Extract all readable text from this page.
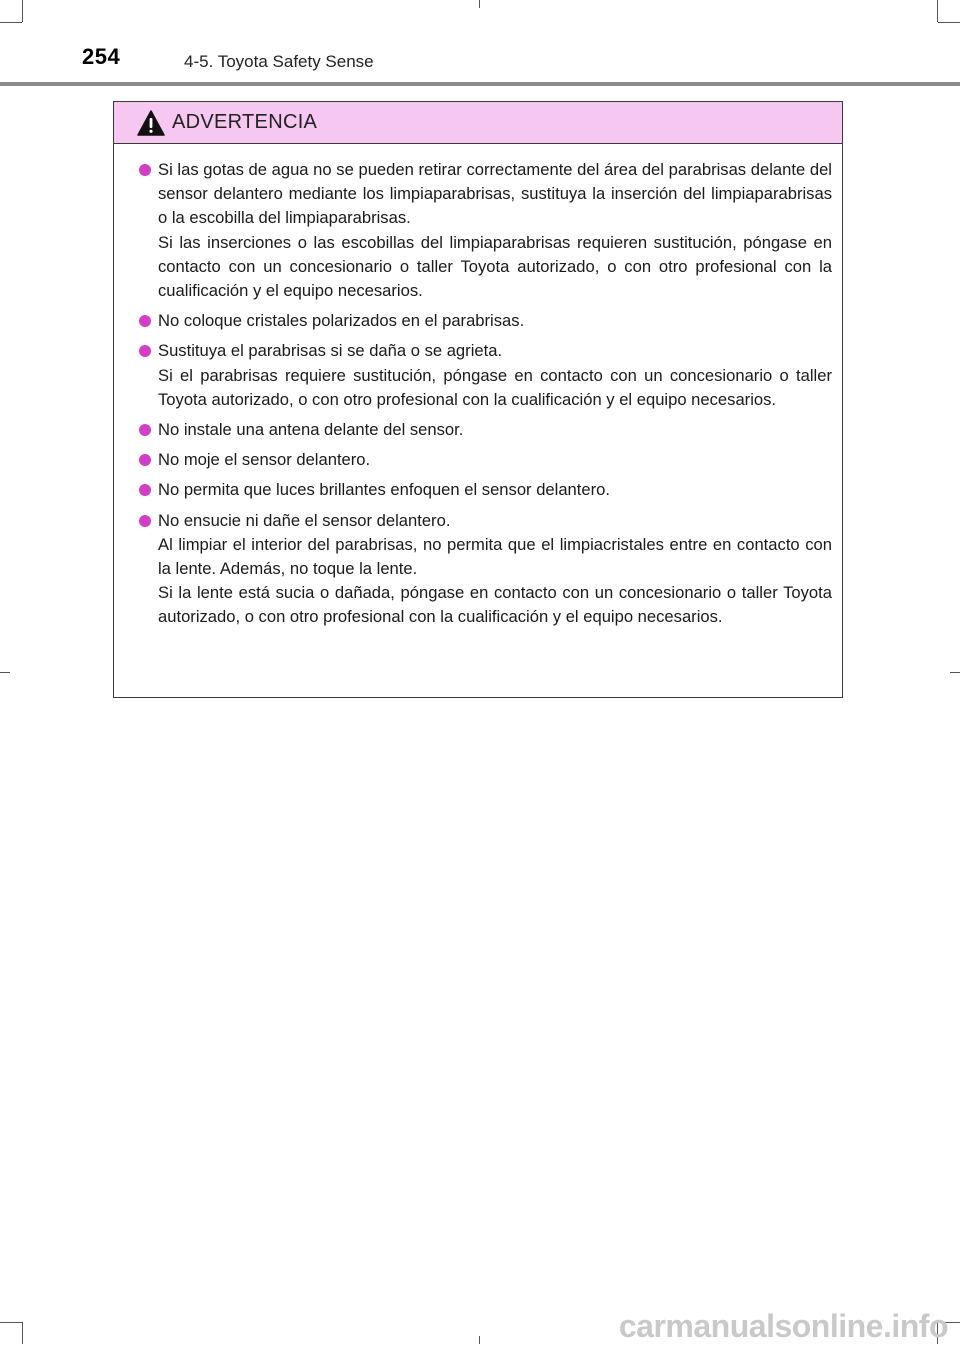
254	4-5. Toyota Safety Sense
ADVERTENCIA

Si las gotas de agua no se pueden retirar correctamente del área del parabrisas delante del sensor delantero mediante los limpiaparabrisas, sustituya la inserción del limpiaparabrisas o la escobilla del limpiaparabrisas.

Si las inserciones o las escobillas del limpiaparabrisas requieren sustitución, póngase en contacto con un concesionario o taller Toyota autorizado, o con otro profesional con la cualificación y el equipo necesarios.

No coloque cristales polarizados en el parabrisas.

Sustituya el parabrisas si se daña o se agrieta.

Si el parabrisas requiere sustitución, póngase en contacto con un concesionario o taller Toyota autorizado, o con otro profesional con la cualificación y el equipo necesarios.

No instale una antena delante del sensor.

No moje el sensor delantero.

No permita que luces brillantes enfoquen el sensor delantero.

No ensucie ni dañe el sensor delantero.

Al limpiar el interior del parabrisas, no permita que el limpiacristales entre en contacto con la lente. Además, no toque la lente.

Si la lente está sucia o dañada, póngase en contacto con un concesionario o taller Toyota autorizado, o con otro profesional con la cualificación y el equipo necesarios.

carmanualsonline.info
